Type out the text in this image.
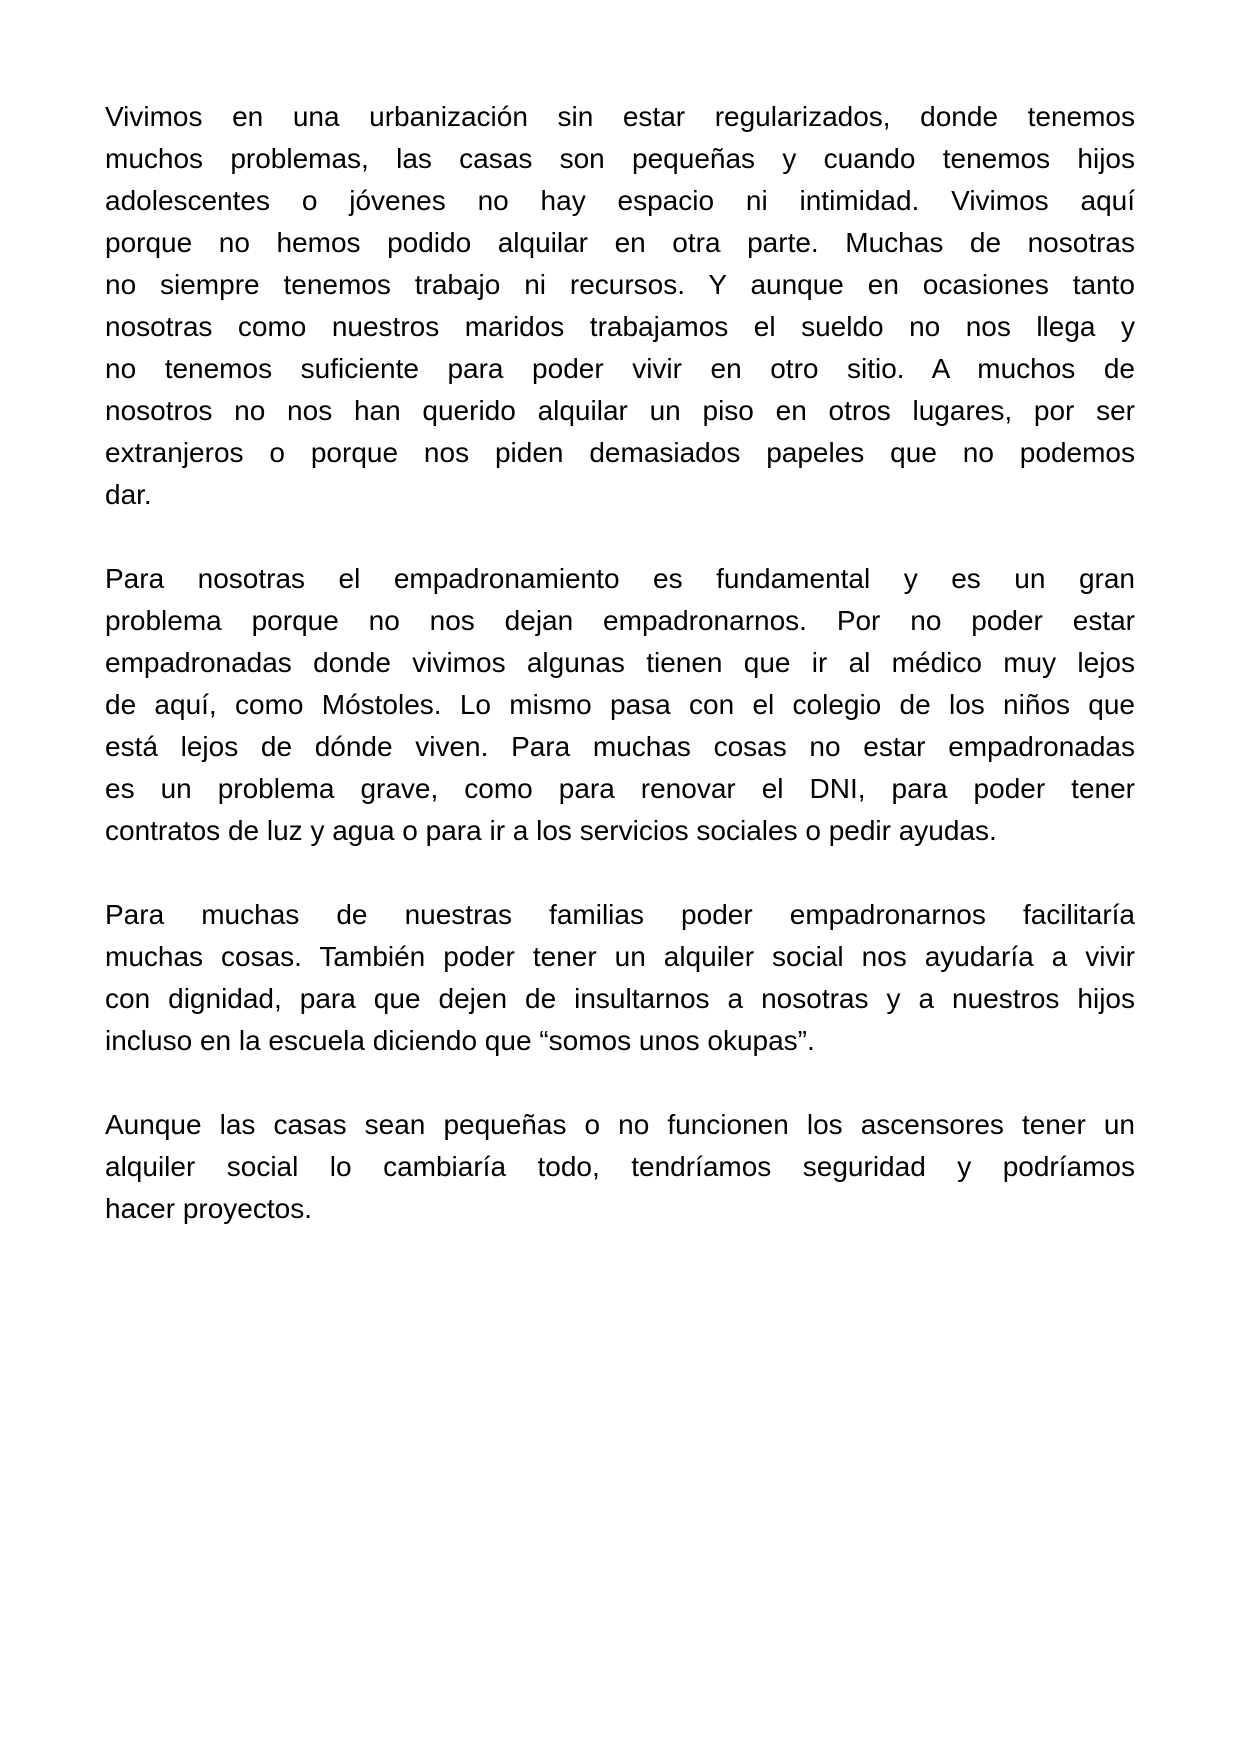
Vivimos en una urbanización sin estar regularizados, donde tenemos
muchos problemas, las casas son pequeñas y cuando tenemos hijos
adolescentes o jóvenes no hay espacio ni intimidad. Vivimos aquí
porque no hemos podido alquilar en otra parte. Muchas de nosotras
no siempre tenemos trabajo ni recursos. Y aunque en ocasiones tanto
nosotras como nuestros maridos trabajamos el sueldo no nos llega y
no tenemos suficiente para poder vivir en otro sitio. A muchos de
nosotros no nos han querido alquilar un piso en otros lugares, por ser
extranjeros o porque nos piden demasiados papeles que no podemos
dar.
Para nosotras el empadronamiento es fundamental y es un gran
problema porque no nos dejan empadronarnos. Por no poder estar
empadronadas donde vivimos algunas tienen que ir al médico muy lejos
de aquí, como Móstoles. Lo mismo pasa con el colegio de los niños que
está lejos de dónde viven. Para muchas cosas no estar empadronadas
es un problema grave, como para renovar el DNI, para poder tener
contratos de luz y agua o para ir a los servicios sociales o pedir ayudas.
Para muchas de nuestras familias poder empadronarnos facilitaría
muchas cosas. También poder tener un alquiler social nos ayudaría a vivir
con dignidad, para que dejen de insultarnos a nosotras y a nuestros hijos
incluso en la escuela diciendo que “somos unos okupas”.
Aunque las casas sean pequeñas o no funcionen los ascensores tener un
alquiler social lo cambiaría todo, tendríamos seguridad y podríamos
hacer proyectos.
